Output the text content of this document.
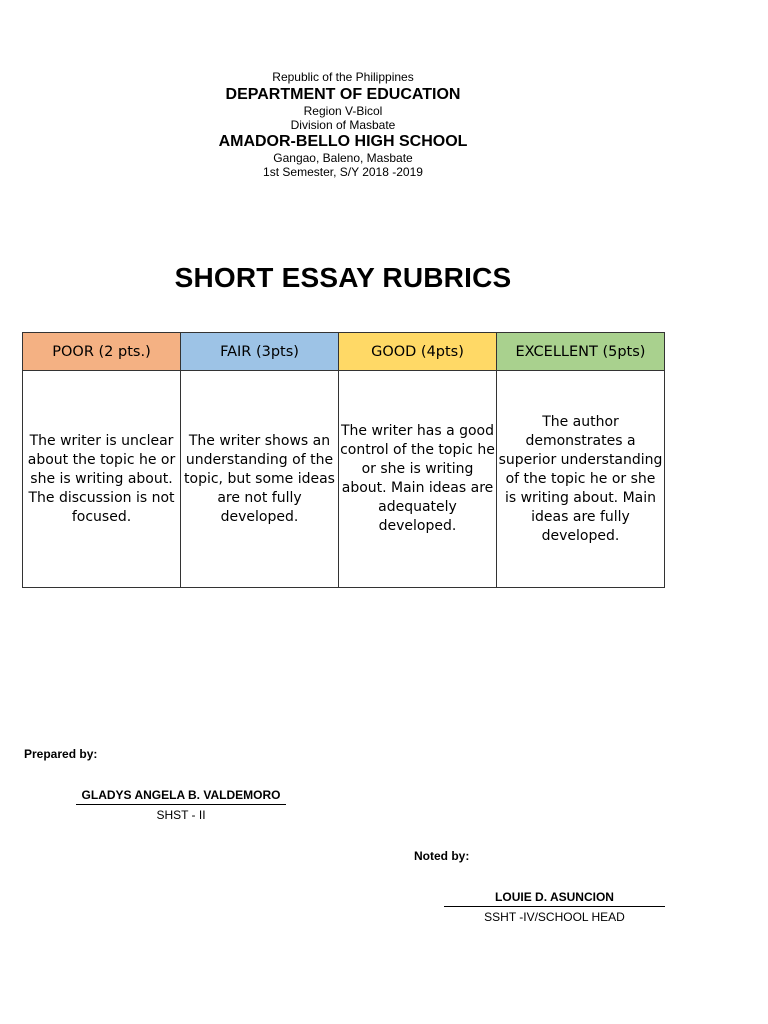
Republic of the Philippines
DEPARTMENT OF EDUCATION
Region V-Bicol
Division of Masbate
AMADOR-BELLO HIGH SCHOOL
Gangao, Baleno, Masbate
1st Semester, S/Y 2018 -2019
SHORT ESSAY RUBRICS
POOR (2 pts.)	FAIR (3pts)	GOOD (4pts)	EXCELLENT (5pts)
The writer is unclear about the topic he or she is writing about. The discussion is not focused.	The writer shows an understanding of the topic, but some ideas are not fully developed.	The writer has a good control of the topic he or she is writing about. Main ideas are adequately developed.	The author demonstrates a superior understanding of the topic he or she is writing about. Main ideas are fully developed.
Prepared by:
GLADYS ANGELA B. VALDEMORO
SHST - II
Noted by:
LOUIE D. ASUNCION
SSHT -IV/SCHOOL HEAD
